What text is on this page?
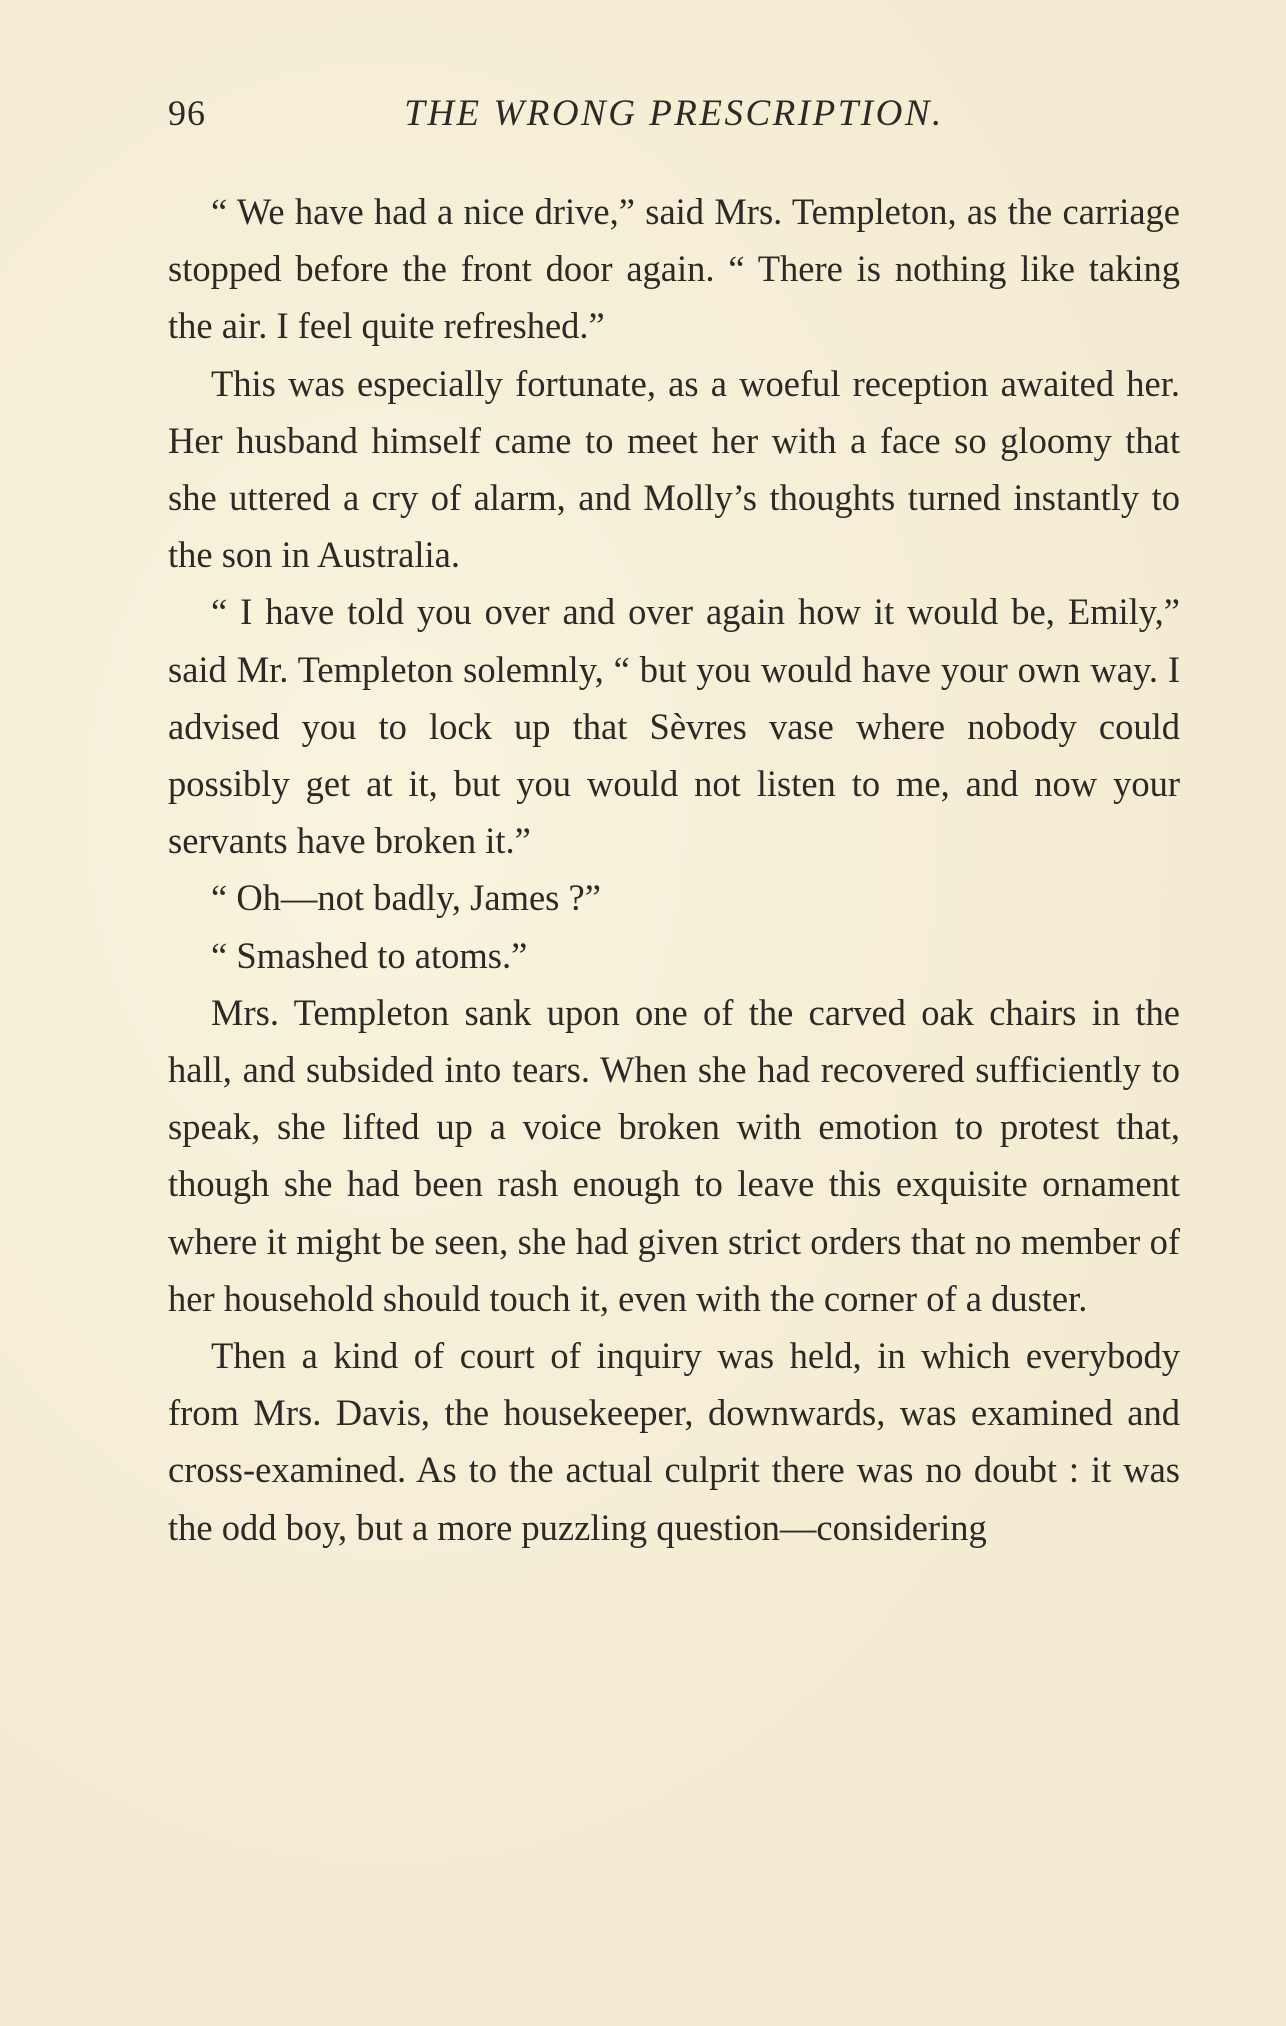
96	THE WRONG PRESCRIPTION.

“ We have had a nice drive,” said Mrs. Templeton, as the carriage stopped before the front door again. “ There is nothing like taking the air. I feel quite refreshed.”

This was especially fortunate, as a woeful reception awaited her. Her husband himself came to meet her with a face so gloomy that she uttered a cry of alarm, and Molly’s thoughts turned instantly to the son in Australia.

“ I have told you over and over again how it would be, Emily,” said Mr. Templeton solemnly, “ but you would have your own way. I advised you to lock up that Sèvres vase where nobody could possibly get at it, but you would not listen to me, and now your servants have broken it.”

“ Oh—not badly, James ?”

“ Smashed to atoms.”

Mrs. Templeton sank upon one of the carved oak chairs in the hall, and subsided into tears. When she had recovered sufficiently to speak, she lifted up a voice broken with emotion to protest that, though she had been rash enough to leave this exquisite ornament where it might be seen, she had given strict orders that no member of her household should touch it, even with the corner of a duster.

Then a kind of court of inquiry was held, in which everybody from Mrs. Davis, the housekeeper, downwards, was examined and cross-examined. As to the actual culprit there was no doubt : it was the odd boy, but a more puzzling question—considering
